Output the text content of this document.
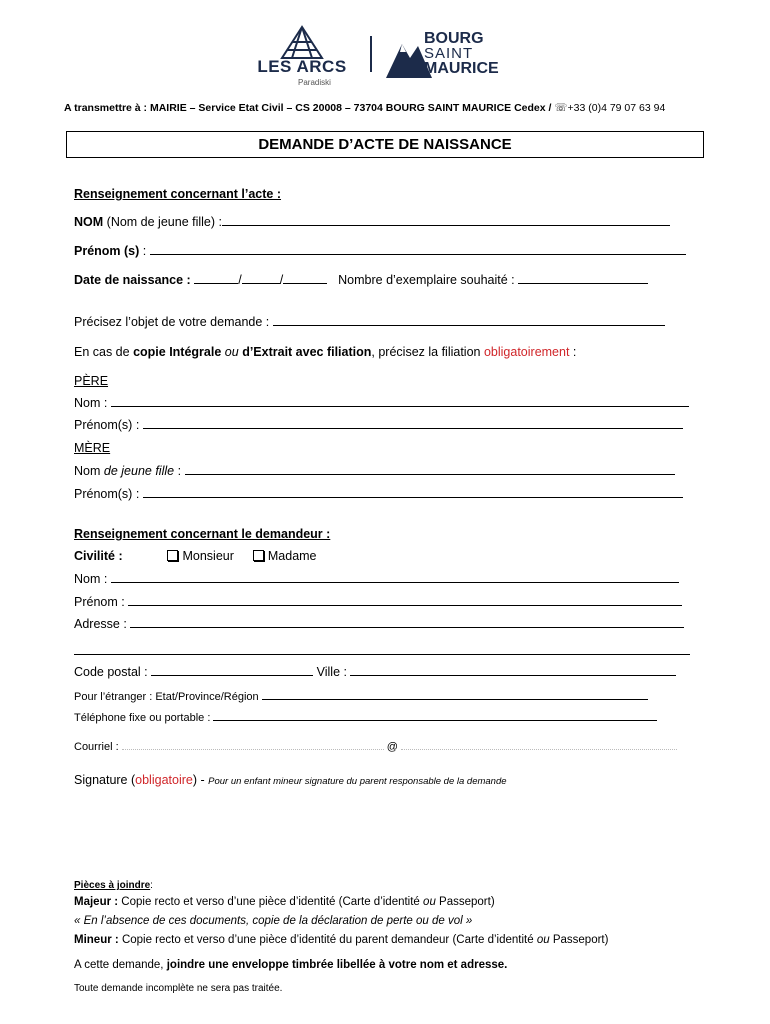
LES ARCS
Paradiski
BOURG
SAINT
MAURICE
A transmettre à : MAIRIE – Service Etat Civil – CS 20008 – 73704 BOURG SAINT MAURICE Cedex / ☏+33 (0)4 79 07 63 94
DEMANDE D’ACTE DE NAISSANCE
Renseignement concernant l’acte :
NOM (Nom de jeune fille) :
Prénom (s) :
Date de naissance :	/	/	Nombre d’exemplaire souhaité :
Précisez l’objet de votre demande :
En cas de copie Intégrale ou d’Extrait avec filiation, précisez la filiation obligatoirement :
PÈRE
Nom :
Prénom(s) :
MÈRE
Nom de jeune fille :
Prénom(s) :
Renseignement concernant le demandeur :
Civilité :	Monsieur	Madame
Nom :
Prénom :
Adresse :
Code postal :	Ville :
Pour l’étranger : Etat/Province/Région
Téléphone fixe ou portable :
Courriel :	@
Signature (obligatoire) - Pour un enfant mineur signature du parent responsable de la demande
Pièces à joindre:
Majeur : Copie recto et verso d’une pièce d’identité (Carte d’identité ou Passeport)
« En l’absence de ces documents, copie de la déclaration de perte ou de vol »
Mineur : Copie recto et verso d’une pièce d’identité du parent demandeur (Carte d’identité ou Passeport)
A cette demande, joindre une enveloppe timbrée libellée à votre nom et adresse.
Toute demande incomplète ne sera pas traitée.
